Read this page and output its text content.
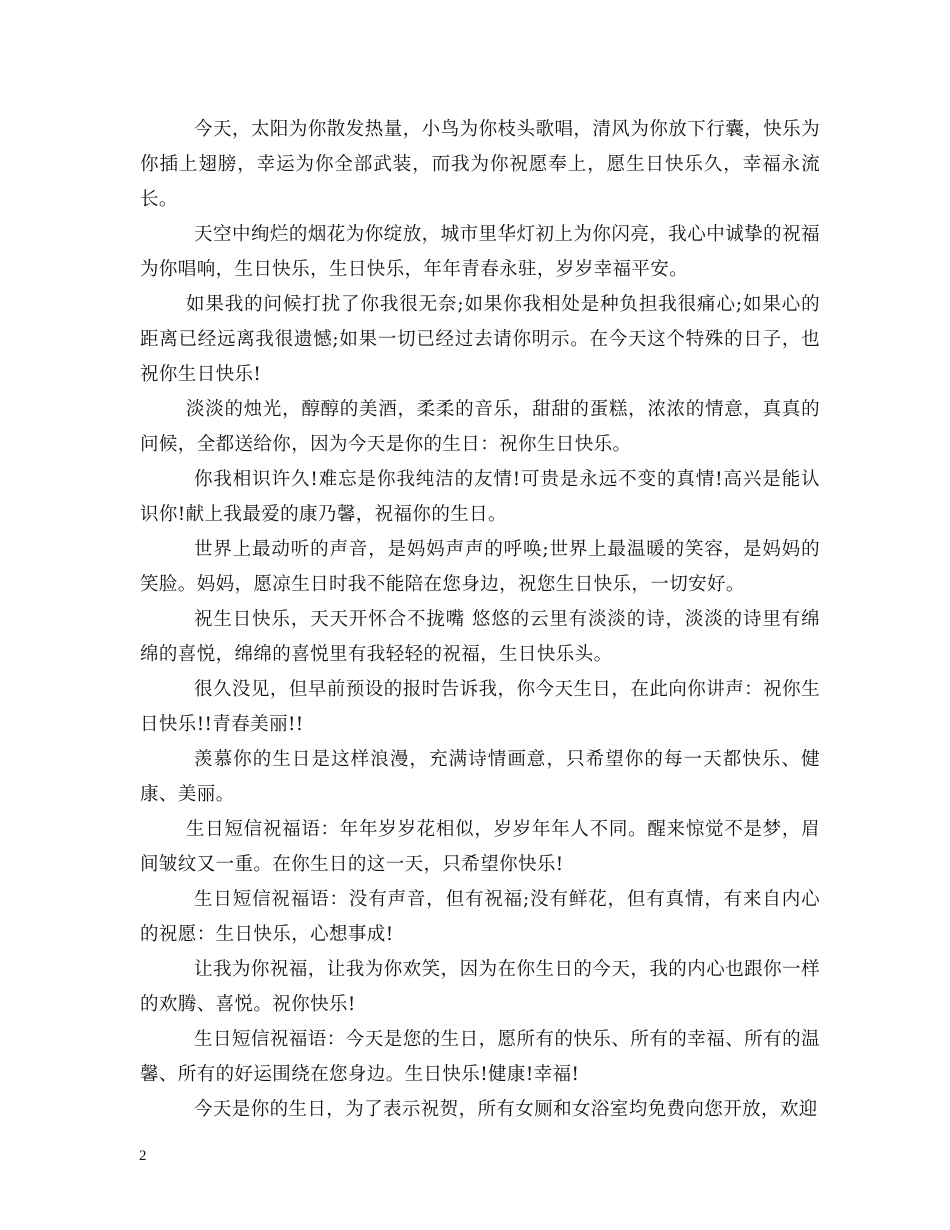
今天，太阳为你散发热量，小鸟为你枝头歌唱，清风为你放下行囊，快乐为你插上翅膀，幸运为你全部武装，而我为你祝愿奉上，愿生日快乐久，幸福永流长。

天空中绚烂的烟花为你绽放，城市里华灯初上为你闪亮，我心中诚挚的祝福为你唱响，生日快乐，生日快乐，年年青春永驻，岁岁幸福平安。

如果我的问候打扰了你我很无奈;如果你我相处是种负担我很痛心;如果心的距离已经远离我很遗憾;如果一切已经过去请你明示。在今天这个特殊的日子，也祝你生日快乐!

淡淡的烛光，醇醇的美酒，柔柔的音乐，甜甜的蛋糕，浓浓的情意，真真的问候，全都送给你，因为今天是你的生日：祝你生日快乐。

你我相识许久!难忘是你我纯洁的友情!可贵是永远不变的真情!高兴是能认识你!献上我最爱的康乃馨，祝福你的生日。

世界上最动听的声音，是妈妈声声的呼唤;世界上最温暖的笑容，是妈妈的笑脸。妈妈，愿凉生日时我不能陪在您身边，祝您生日快乐，一切安好。

祝生日快乐，天天开怀合不拢嘴 悠悠的云里有淡淡的诗，淡淡的诗里有绵绵的喜悦，绵绵的喜悦里有我轻轻的祝福，生日快乐头。

很久没见，但早前预设的报时告诉我，你今天生日，在此向你讲声：祝你生日快乐!!青春美丽!!

羡慕你的生日是这样浪漫，充满诗情画意，只希望你的每一天都快乐、健康、美丽。

生日短信祝福语：年年岁岁花相似，岁岁年年人不同。醒来惊觉不是梦，眉间皱纹又一重。在你生日的这一天，只希望你快乐!

生日短信祝福语：没有声音，但有祝福;没有鲜花，但有真情，有来自内心的祝愿：生日快乐，心想事成!

让我为你祝福，让我为你欢笑，因为在你生日的今天，我的内心也跟你一样的欢腾、喜悦。祝你快乐!

生日短信祝福语：今天是您的生日，愿所有的快乐、所有的幸福、所有的温馨、所有的好运围绕在您身边。生日快乐!健康!幸福!

今天是你的生日，为了表示祝贺，所有女厕和女浴室均免费向您开放，欢迎

2
